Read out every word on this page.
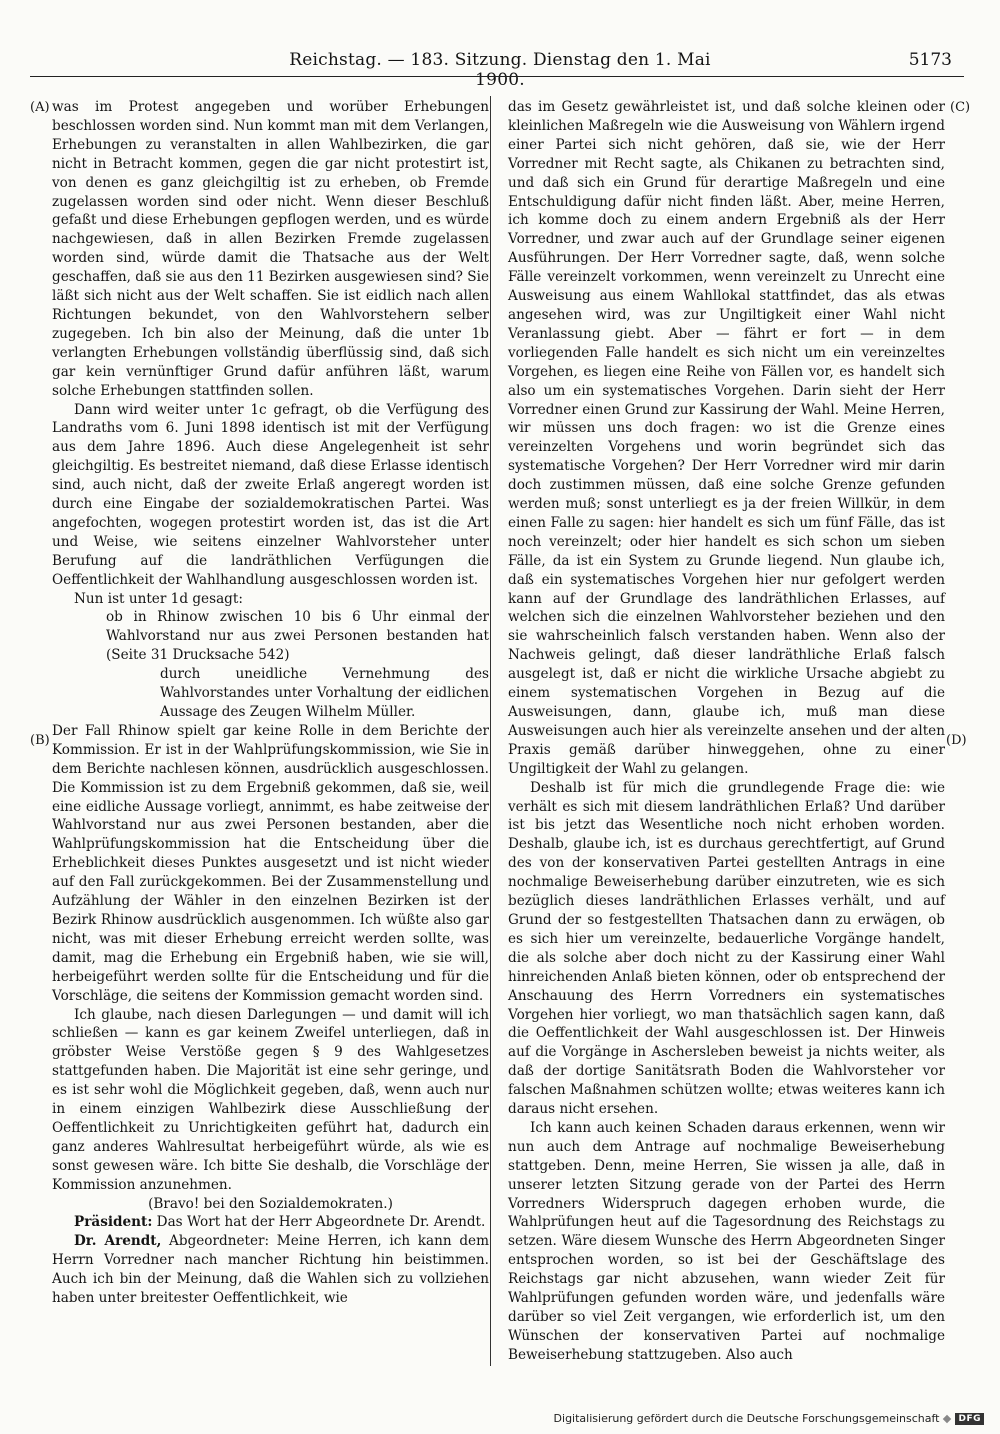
Reichstag. — 183. Sitzung. Dienstag den 1. Mai 1900.
5173
(A)
(B)
(C)
(D)

was im Protest angegeben und worüber Erhebungen beschlossen worden sind. Nun kommt man mit dem Verlangen, Erhebungen zu veranstalten in allen Wahlbezirken, die gar nicht in Betracht kommen, gegen die gar nicht protestirt ist, von denen es ganz gleichgiltig ist zu erheben, ob Fremde zugelassen worden sind oder nicht. Wenn dieser Beschluß gefaßt und diese Erhebungen gepflogen werden, und es würde nachgewiesen, daß in allen Bezirken Fremde zugelassen worden sind, würde damit die Thatsache aus der Welt geschaffen, daß sie aus den 11 Bezirken ausgewiesen sind? Sie läßt sich nicht aus der Welt schaffen. Sie ist eidlich nach allen Richtungen bekundet, von den Wahlvorstehern selber zugegeben. Ich bin also der Meinung, daß die unter 1b verlangten Erhebungen vollständig überflüssig sind, daß sich gar kein vernünftiger Grund dafür anführen läßt, warum solche Erhebungen stattfinden sollen.

Dann wird weiter unter 1c gefragt, ob die Verfügung des Landraths vom 6. Juni 1898 identisch ist mit der Verfügung aus dem Jahre 1896. Auch diese Angelegenheit ist sehr gleichgiltig. Es bestreitet niemand, daß diese Erlasse identisch sind, auch nicht, daß der zweite Erlaß angeregt worden ist durch eine Eingabe der sozialdemokratischen Partei. Was angefochten, wogegen protestirt worden ist, das ist die Art und Weise, wie seitens einzelner Wahlvorsteher unter Berufung auf die landräthlichen Verfügungen die Oeffentlichkeit der Wahlhandlung ausgeschlossen worden ist.

Nun ist unter 1d gesagt:

ob in Rhinow zwischen 10 bis 6 Uhr einmal der Wahlvorstand nur aus zwei Personen bestanden hat (Seite 31 Drucksache 542)

durch uneidliche Vernehmung des Wahlvorstandes unter Vorhaltung der eidlichen Aussage des Zeugen Wilhelm Müller.

Der Fall Rhinow spielt gar keine Rolle in dem Berichte der Kommission. Er ist in der Wahlprüfungskommission, wie Sie in dem Berichte nachlesen können, ausdrücklich ausgeschlossen. Die Kommission ist zu dem Ergebniß gekommen, daß sie, weil eine eidliche Aussage vorliegt, annimmt, es habe zeitweise der Wahlvorstand nur aus zwei Personen bestanden, aber die Wahlprüfungskommission hat die Entscheidung über die Erheblichkeit dieses Punktes ausgesetzt und ist nicht wieder auf den Fall zurückgekommen. Bei der Zusammenstellung und Aufzählung der Wähler in den einzelnen Bezirken ist der Bezirk Rhinow ausdrücklich ausgenommen. Ich wüßte also gar nicht, was mit dieser Erhebung erreicht werden sollte, was damit, mag die Erhebung ein Ergebniß haben, wie sie will, herbeigeführt werden sollte für die Entscheidung und für die Vorschläge, die seitens der Kommission gemacht worden sind.

Ich glaube, nach diesen Darlegungen — und damit will ich schließen — kann es gar keinem Zweifel unterliegen, daß in gröbster Weise Verstöße gegen § 9 des Wahlgesetzes stattgefunden haben. Die Majorität ist eine sehr geringe, und es ist sehr wohl die Möglichkeit gegeben, daß, wenn auch nur in einem einzigen Wahlbezirk diese Ausschließung der Oeffentlichkeit zu Unrichtigkeiten geführt hat, dadurch ein ganz anderes Wahlresultat herbeigeführt würde, als wie es sonst gewesen wäre. Ich bitte Sie deshalb, die Vorschläge der Kommission anzunehmen.

(Bravo! bei den Sozialdemokraten.)

Präsident: Das Wort hat der Herr Abgeordnete Dr. Arendt.

Dr. Arendt, Abgeordneter: Meine Herren, ich kann dem Herrn Vorredner nach mancher Richtung hin beistimmen. Auch ich bin der Meinung, daß die Wahlen sich zu vollziehen haben unter breitester Oeffentlichkeit, wie

das im Gesetz gewährleistet ist, und daß solche kleinen oder kleinlichen Maßregeln wie die Ausweisung von Wählern irgend einer Partei sich nicht gehören, daß sie, wie der Herr Vorredner mit Recht sagte, als Chikanen zu betrachten sind, und daß sich ein Grund für derartige Maßregeln und eine Entschuldigung dafür nicht finden läßt. Aber, meine Herren, ich komme doch zu einem andern Ergebniß als der Herr Vorredner, und zwar auch auf der Grundlage seiner eigenen Ausführungen. Der Herr Vorredner sagte, daß, wenn solche Fälle vereinzelt vorkommen, wenn vereinzelt zu Unrecht eine Ausweisung aus einem Wahllokal stattfindet, das als etwas angesehen wird, was zur Ungiltigkeit einer Wahl nicht Veranlassung giebt. Aber — fährt er fort — in dem vorliegenden Falle handelt es sich nicht um ein vereinzeltes Vorgehen, es liegen eine Reihe von Fällen vor, es handelt sich also um ein systematisches Vorgehen. Darin sieht der Herr Vorredner einen Grund zur Kassirung der Wahl. Meine Herren, wir müssen uns doch fragen: wo ist die Grenze eines vereinzelten Vorgehens und worin begründet sich das systematische Vorgehen? Der Herr Vorredner wird mir darin doch zustimmen müssen, daß eine solche Grenze gefunden werden muß; sonst unterliegt es ja der freien Willkür, in dem einen Falle zu sagen: hier handelt es sich um fünf Fälle, das ist noch vereinzelt; oder hier handelt es sich schon um sieben Fälle, da ist ein System zu Grunde liegend. Nun glaube ich, daß ein systematisches Vorgehen hier nur gefolgert werden kann auf der Grundlage des landräthlichen Erlasses, auf welchen sich die einzelnen Wahlvorsteher beziehen und den sie wahrscheinlich falsch verstanden haben. Wenn also der Nachweis gelingt, daß dieser landräthliche Erlaß falsch ausgelegt ist, daß er nicht die wirkliche Ursache abgiebt zu einem systematischen Vorgehen in Bezug auf die Ausweisungen, dann, glaube ich, muß man diese Ausweisungen auch hier als vereinzelte ansehen und der alten Praxis gemäß darüber hinweggehen, ohne zu einer Ungiltigkeit der Wahl zu gelangen.

Deshalb ist für mich die grundlegende Frage die: wie verhält es sich mit diesem landräthlichen Erlaß? Und darüber ist bis jetzt das Wesentliche noch nicht erhoben worden. Deshalb, glaube ich, ist es durchaus gerechtfertigt, auf Grund des von der konservativen Partei gestellten Antrags in eine nochmalige Beweiserhebung darüber einzutreten, wie es sich bezüglich dieses landräthlichen Erlasses verhält, und auf Grund der so festgestellten Thatsachen dann zu erwägen, ob es sich hier um vereinzelte, bedauerliche Vorgänge handelt, die als solche aber doch nicht zu der Kassirung einer Wahl hinreichenden Anlaß bieten können, oder ob entsprechend der Anschauung des Herrn Vorredners ein systematisches Vorgehen hier vorliegt, wo man thatsächlich sagen kann, daß die Oeffentlichkeit der Wahl ausgeschlossen ist. Der Hinweis auf die Vorgänge in Aschersleben beweist ja nichts weiter, als daß der dortige Sanitätsrath Boden die Wahlvorsteher vor falschen Maßnahmen schützen wollte; etwas weiteres kann ich daraus nicht ersehen.

Ich kann auch keinen Schaden daraus erkennen, wenn wir nun auch dem Antrage auf nochmalige Beweiserhebung stattgeben. Denn, meine Herren, Sie wissen ja alle, daß in unserer letzten Sitzung gerade von der Partei des Herrn Vorredners Widerspruch dagegen erhoben wurde, die Wahlprüfungen heut auf die Tagesordnung des Reichstags zu setzen. Wäre diesem Wunsche des Herrn Abgeordneten Singer entsprochen worden, so ist bei der Geschäftslage des Reichstags gar nicht abzusehen, wann wieder Zeit für Wahlprüfungen gefunden worden wäre, und jedenfalls wäre darüber so viel Zeit vergangen, wie erforderlich ist, um den Wünschen der konservativen Partei auf nochmalige Beweiserhebung stattzugeben. Also auch

Digitalisierung gefördert durch die Deutsche Forschungsgemeinschaft	DFG
